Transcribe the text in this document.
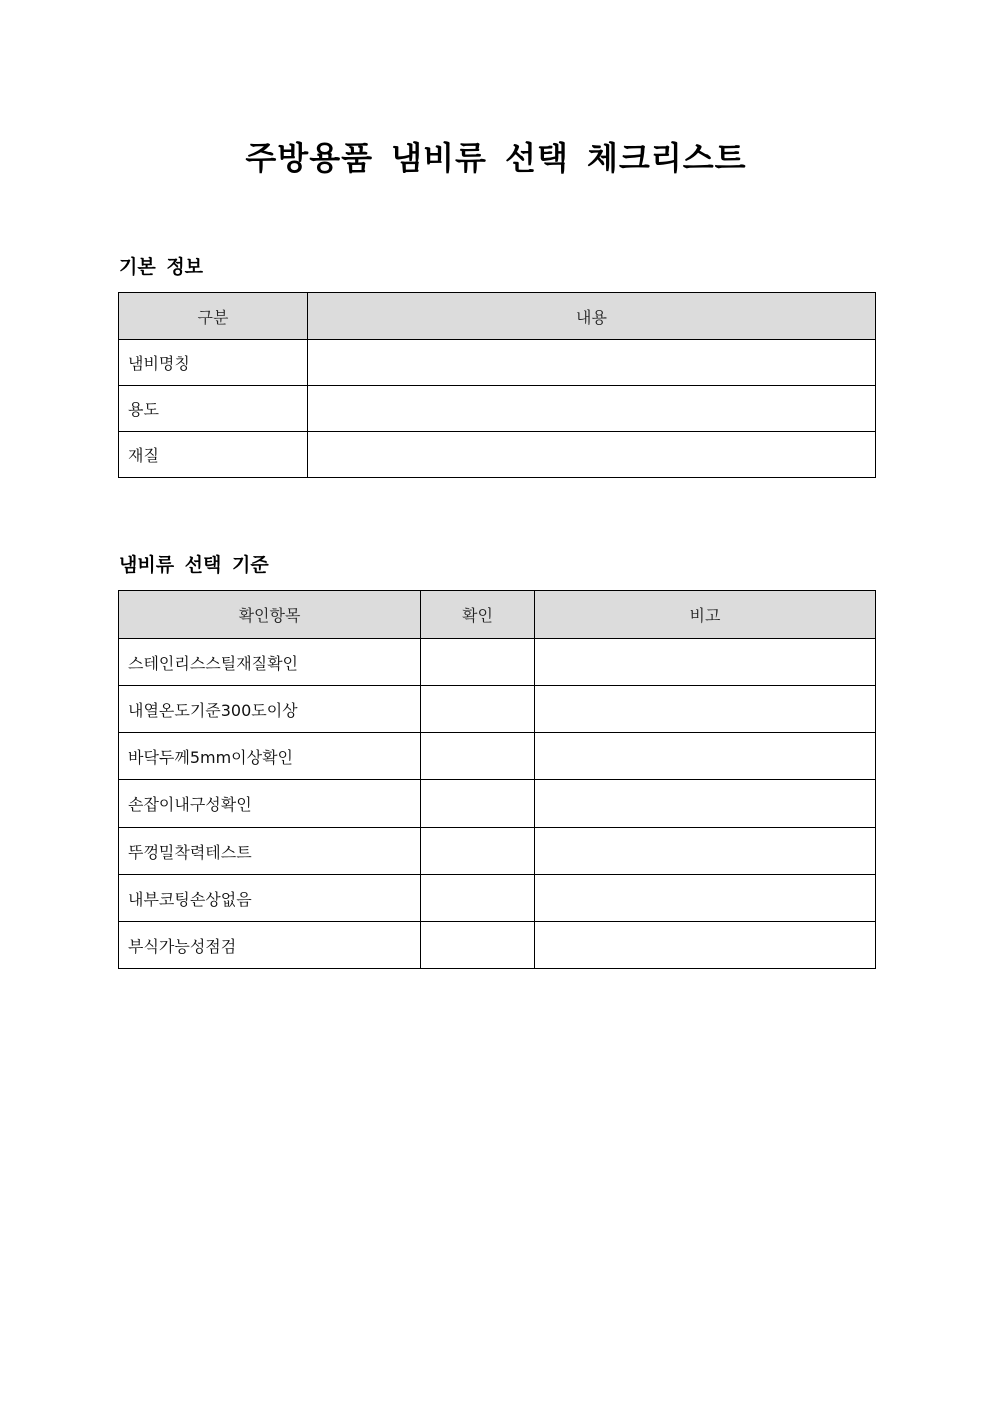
주방용품 냄비류 선택 체크리스트
기본 정보
구분	내용
냄비명칭	
용도	
재질	
냄비류 선택 기준
확인항목	확인	비고
스테인리스스틸재질확인		
내열온도기준300도이상		
바닥두께5mm이상확인		
손잡이내구성확인		
뚜껑밀착력테스트		
내부코팅손상없음		
부식가능성점검		
